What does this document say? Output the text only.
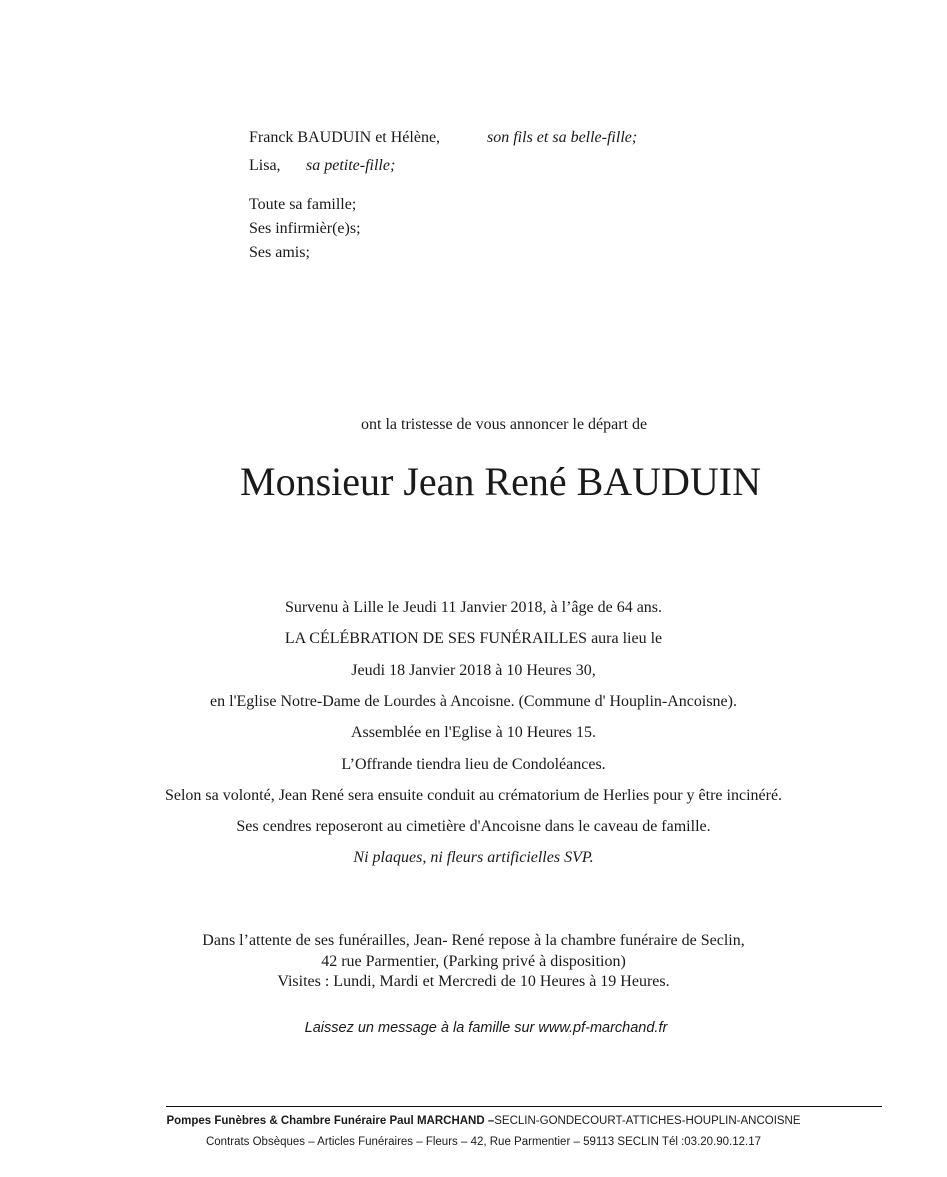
Franck BAUDUIN et Hélène,	son fils et sa belle-fille;
Lisa, sa petite-fille;
Toute sa famille;
Ses infirmièr(e)s;
Ses amis;
ont la tristesse de vous annoncer le départ de
Monsieur Jean René BAUDUIN
Survenu à Lille le Jeudi 11 Janvier 2018, à l’âge de 64 ans.
LA CÉLÉBRATION DE SES FUNÉRAILLES aura lieu le
Jeudi 18 Janvier 2018 à 10 Heures 30,
en l'Eglise Notre-Dame de Lourdes à Ancoisne. (Commune d' Houplin-Ancoisne).
Assemblée en l'Eglise à 10 Heures 15.
L’Offrande tiendra lieu de Condoléances.
Selon sa volonté, Jean René sera ensuite conduit au crématorium de Herlies pour y être incinéré.
Ses cendres reposeront au cimetière d'Ancoisne dans le caveau de famille.
Ni plaques, ni fleurs artificielles SVP.
Dans l’attente de ses funérailles, Jean- René repose à la chambre funéraire de Seclin,
42 rue Parmentier, (Parking privé à disposition)
Visites : Lundi, Mardi et Mercredi de 10 Heures à 19 Heures.
Laissez un message à la famille sur www.pf-marchand.fr
Pompes Funèbres & Chambre Funéraire Paul MARCHAND –SECLIN-GONDECOURT-ATTICHES-HOUPLIN-ANCOISNE
Contrats Obsèques – Articles Funéraires – Fleurs – 42, Rue Parmentier – 59113 SECLIN Tél :03.20.90.12.17
